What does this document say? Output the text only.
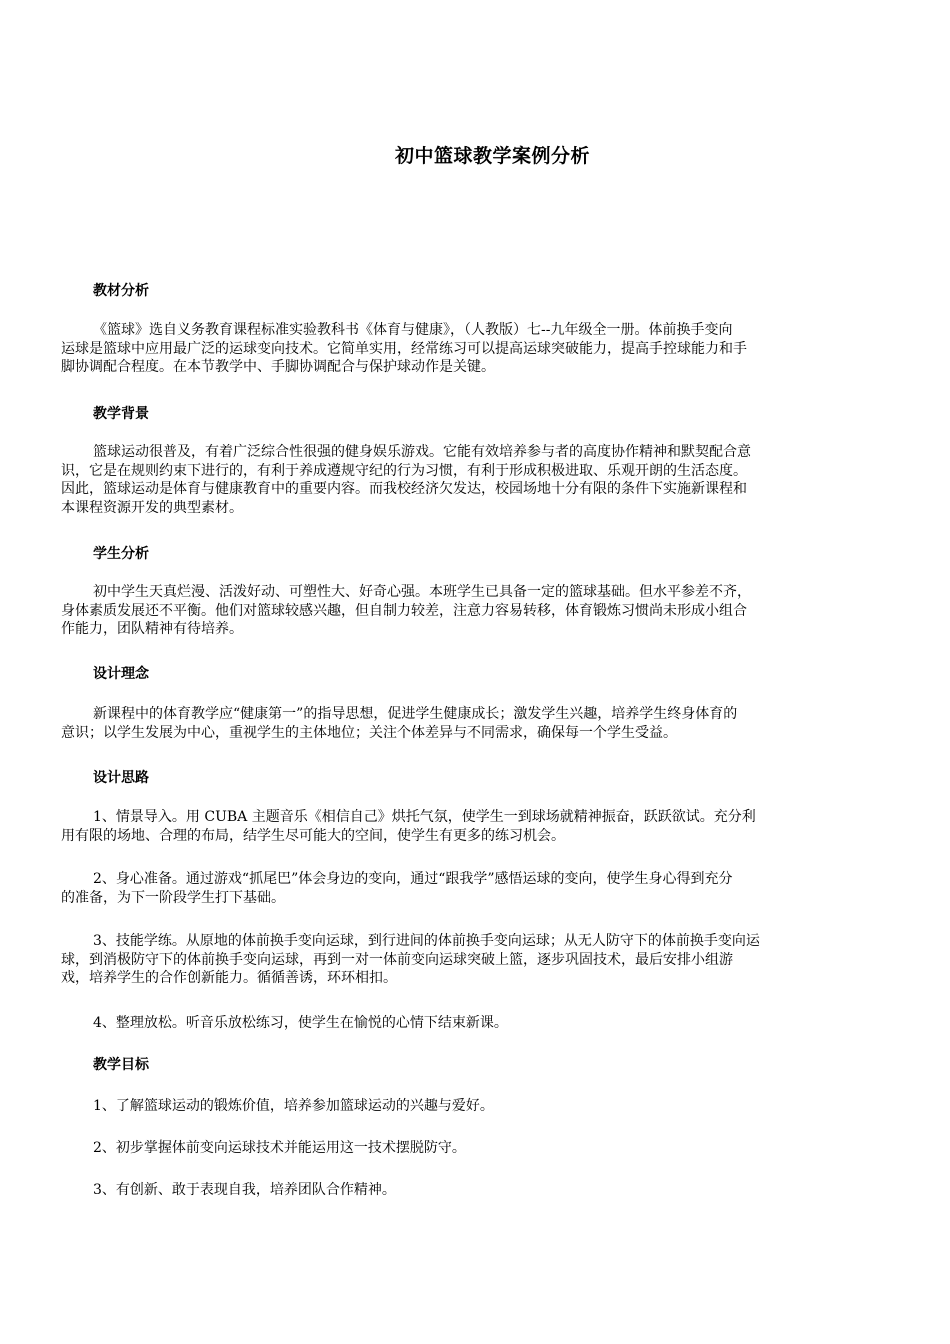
初中篮球教学案例分析
教材分析
《篮球》选自义务教育课程标准实验教科书《体育与健康》，（人教版）七--九年级全一册。体前换手变向
运球是篮球中应用最广泛的运球变向技术。它简单实用，经常练习可以提高运球突破能力，提高手控球能力和手
脚协调配合程度。在本节教学中、手脚协调配合与保护球动作是关键。
教学背景
篮球运动很普及，有着广泛综合性很强的健身娱乐游戏。它能有效培养参与者的高度协作精神和默契配合意
识，它是在规则约束下进行的，有利于养成遵规守纪的行为习惯，有利于形成积极进取、乐观开朗的生活态度。
因此，篮球运动是体育与健康教育中的重要内容。而我校经济欠发达，校园场地十分有限的条件下实施新课程和
本课程资源开发的典型素材。
学生分析
初中学生天真烂漫、活泼好动、可塑性大、好奇心强。本班学生已具备一定的篮球基础。但水平参差不齐，
身体素质发展还不平衡。他们对篮球较感兴趣，但自制力较差，注意力容易转移，体育锻炼习惯尚未形成小组合
作能力，团队精神有待培养。
设计理念
新课程中的体育教学应“健康第一”的指导思想，促进学生健康成长；激发学生兴趣，培养学生终身体育的
意识；以学生发展为中心，重视学生的主体地位；关注个体差异与不同需求，确保每一个学生受益。
设计思路
1、情景导入。用 CUBA 主题音乐《相信自己》烘托气氛，使学生一到球场就精神振奋，跃跃欲试。充分利
用有限的场地、合理的布局，结学生尽可能大的空间，使学生有更多的练习机会。
2、身心准备。通过游戏“抓尾巴”体会身边的变向，通过“跟我学”感悟运球的变向，使学生身心得到充分
的准备，为下一阶段学生打下基础。
3、技能学练。从原地的体前换手变向运球，到行进间的体前换手变向运球；从无人防守下的体前换手变向运
球，到消极防守下的体前换手变向运球，再到一对一体前变向运球突破上篮，逐步巩固技术，最后安排小组游
戏，培养学生的合作创新能力。循循善诱，环环相扣。
4、整理放松。听音乐放松练习，使学生在愉悦的心情下结束新课。
教学目标
1、了解篮球运动的锻炼价值，培养参加篮球运动的兴趣与爱好。
2、初步掌握体前变向运球技术并能运用这一技术摆脱防守。
3、有创新、敢于表现自我，培养团队合作精神。
